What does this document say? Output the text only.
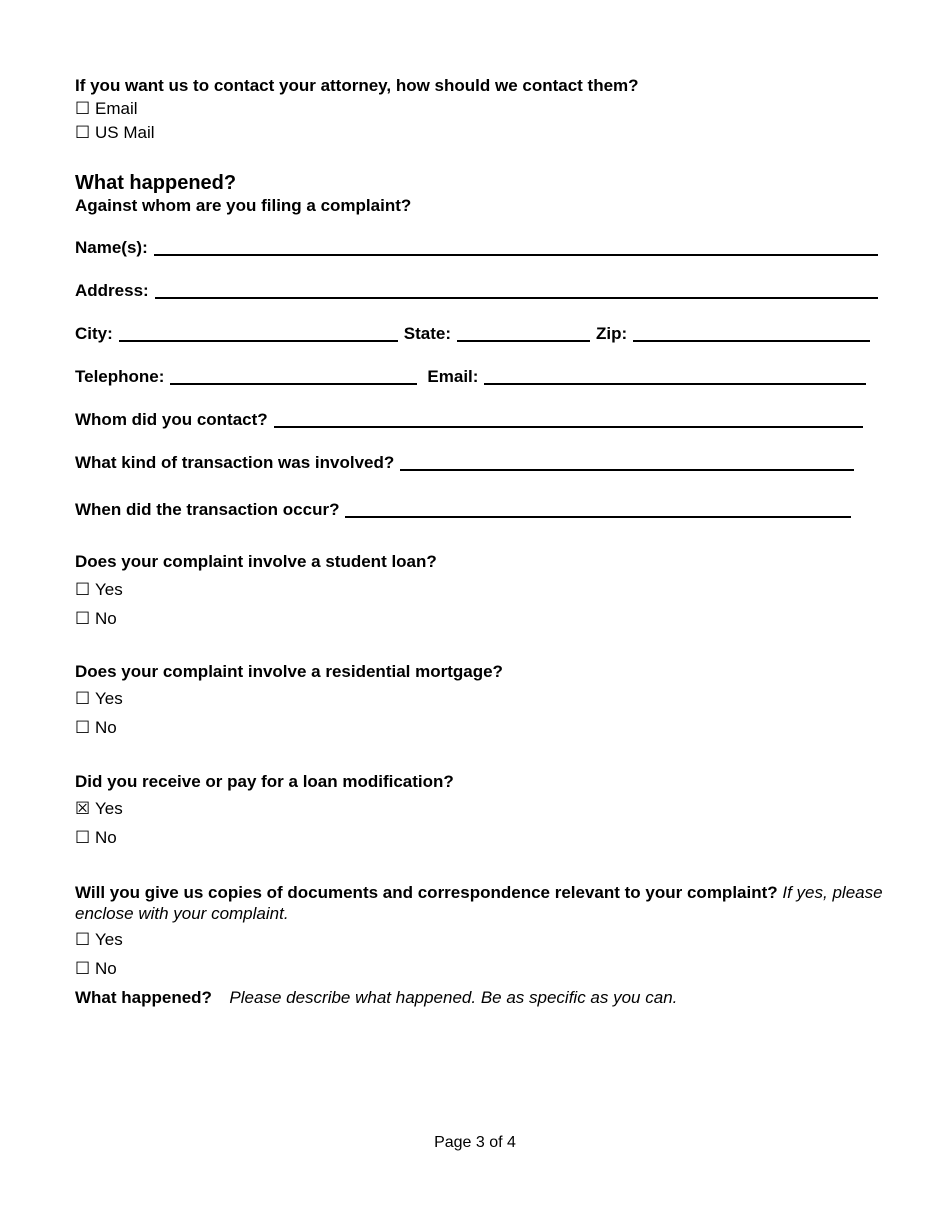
If you want us to contact your attorney, how should we contact them?
☐ Email
☐ US Mail
What happened?
Against whom are you filing a complaint?
Name(s):
Address:
City:	State:	Zip:
Telephone:	Email:
Whom did you contact?
What kind of transaction was involved?
When did the transaction occur?
Does your complaint involve a student loan?
☐ Yes
☐ No
Does your complaint involve a residential mortgage?
☐ Yes
☐ No
Did you receive or pay for a loan modification?
☒ Yes
☐ No
Will you give us copies of documents and correspondence relevant to your complaint? If yes, please enclose with your complaint.
☐ Yes
☐ No
What happened? Please describe what happened. Be as specific as you can.
Page 3 of 4
